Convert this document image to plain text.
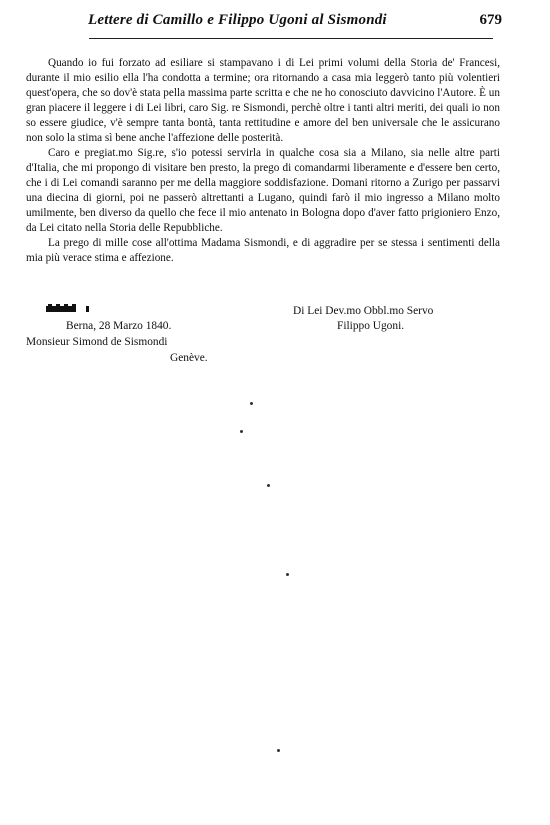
Lettere di Camillo e Filippo Ugoni al Sismondi	679

Quando io fui forzato ad esiliare si stampavano i di Lei primi volumi della Storia de' Francesi, durante il mio esilio ella l'ha condotta a termine; ora ritornando a casa mia leggerò tanto più volentieri quest'opera, che so dov'è stata pella massima parte scritta e che ne ho conosciuto davvicino l'Autore. È un gran piacere il leggere i di Lei libri, caro Sig. re Sismondi, perchè oltre i tanti altri meriti, dei quali io non so essere giudice, v'è sempre tanta bontà, tanta rettitudine e amore del ben universale che le assicurano non solo la stima sì bene anche l'affezione delle posterità.

Caro e pregiat.mo Sig.re, s'io potessi servirla in qualche cosa sia a Milano, sia nelle altre parti d'Italia, che mi propongo di visitare ben presto, la prego di comandarmi liberamente e d'essere ben certo, che i di Lei comandi saranno per me della maggiore soddisfazione. Domani ritorno a Zurigo per passarvi una diecina di giorni, poi ne passerò altrettanti a Lugano, quindi farò il mio ingresso a Milano molto umilmente, ben diverso da quello che fece il mio antenato in Bologna dopo d'aver fatto prigioniero Enzo, da Lei citato nella Storia delle Repubbliche.

La prego di mille cose all'ottima Madama Sismondi, e di aggradire per se stessa i sentimenti della mia più verace stima e affezione.

Di Lei Dev.mo Obbl.mo Servo
Filippo Ugoni.
Berna, 28 Marzo 1840.
Monsieur Simond de Sismondi
Genève.
